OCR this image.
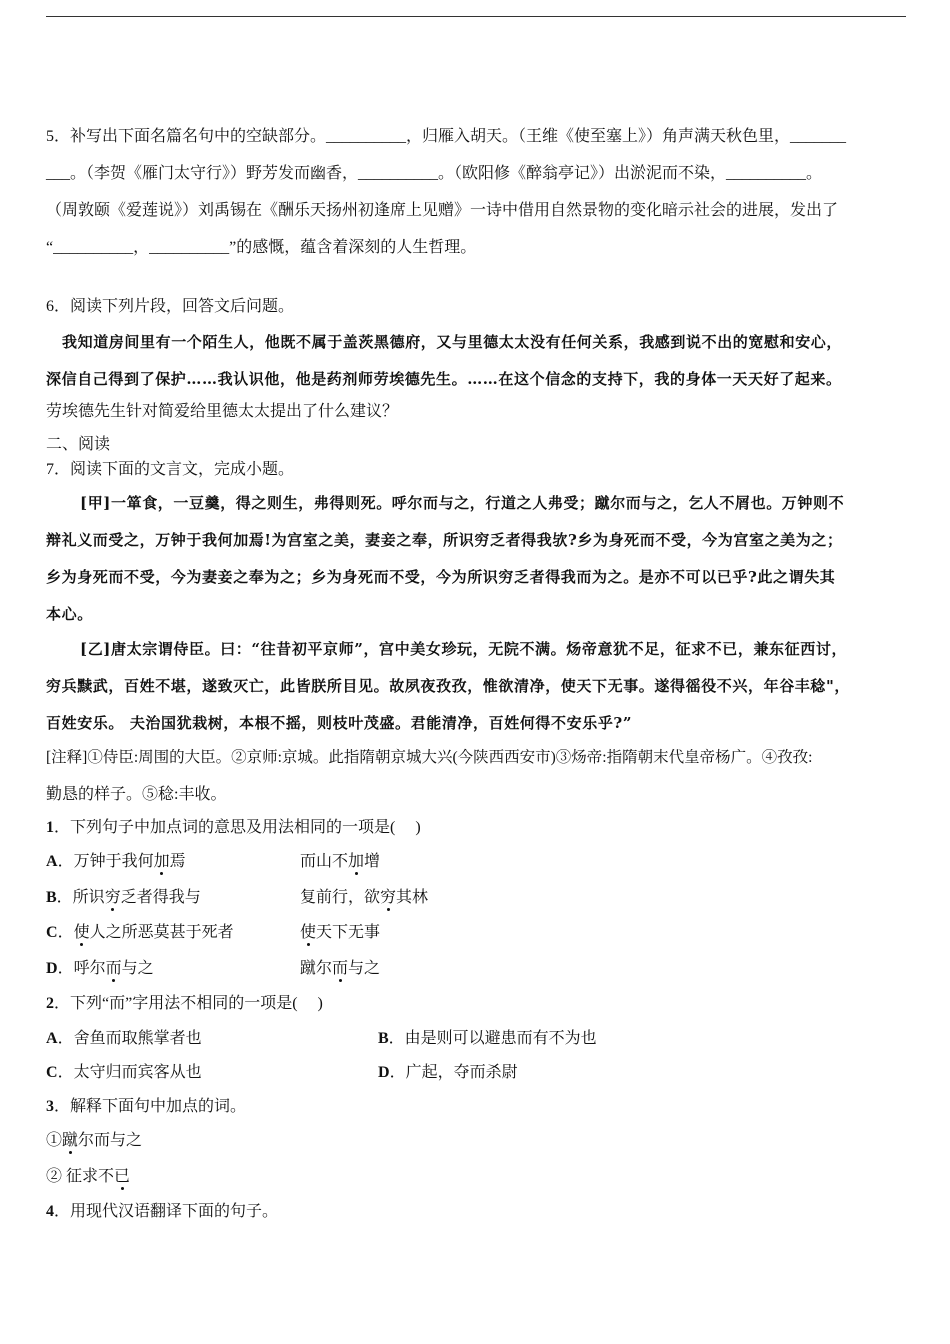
5．补写出下面名篇名句中的空缺部分。__________，归雁入胡天。（王维《使至塞上》）角声满天秋色里，_______
___。（李贺《雁门太守行》）野芳发而幽香，__________。（欧阳修《醉翁亭记》）出淤泥而不染，__________。
（周敦颐《爱莲说》）刘禹锡在《酬乐天扬州初逢席上见赠》一诗中借用自然景物的变化暗示社会的进展，发出了
“__________，__________”的感慨，蕴含着深刻的人生哲理。
6．阅读下列片段，回答文后问题。
我知道房间里有一个陌生人，他既不属于盖茨黑德府，又与里德太太没有任何关系，我感到说不出的宽慰和安心，
深信自己得到了保护……我认识他，他是药剂师劳埃德先生。……在这个信念的支持下，我的身体一天天好了起来。
劳埃德先生针对简爱给里德太太提出了什么建议？
二、阅读
7．阅读下面的文言文，完成小题。
[甲]一箪食，一豆羹，得之则生，弗得则死。呼尔而与之，行道之人弗受；蹴尔而与之，乞人不屑也。万钟则不
辩礼义而受之，万钟于我何加焉!为宫室之美，妻妾之奉，所识穷乏者得我欤?乡为身死而不受，今为宫室之美为之；
乡为身死而不受，今为妻妾之奉为之；乡为身死而不受，今为所识穷乏者得我而为之。是亦不可以已乎?此之谓失其
本心。
[乙]唐太宗谓侍臣。曰：“往昔初平京师”，宫中美女珍玩，无院不满。炀帝意犹不足，征求不已，兼东征西讨，
穷兵黩武，百姓不堪，遂致灭亡，此皆朕所目见。故夙夜孜孜，惟欲清净，使天下无事。遂得徭役不兴，年谷丰稔"，
百姓安乐。 夫治国犹栽树，本根不摇，则枝叶茂盛。君能清净，百姓何得不安乐乎?”
[注释]①侍臣:周围的大臣。②京师:京城。此指隋朝京城大兴(今陕西西安市)③炀帝:指隋朝末代皇帝杨广。④孜孜:
勤恳的样子。⑤稔:丰收。
1．下列句子中加点词的意思及用法相同的一项是(　 )
A．万钟于我何加焉	而山不加增
B．所识穷乏者得我与	复前行，欲穷其林
C．使人之所恶莫甚于死者	使天下无事
D．呼尔而与之	蹴尔而与之
2．下列“而”字用法不相同的一项是(　 )
A．舍鱼而取熊掌者也	B．由是则可以避患而有不为也
C．太守归而宾客从也	D．广起，夺而杀尉
3．解释下面句中加点的词。
①蹴尔而与之
② 征求不已
4．用现代汉语翻译下面的句子。
